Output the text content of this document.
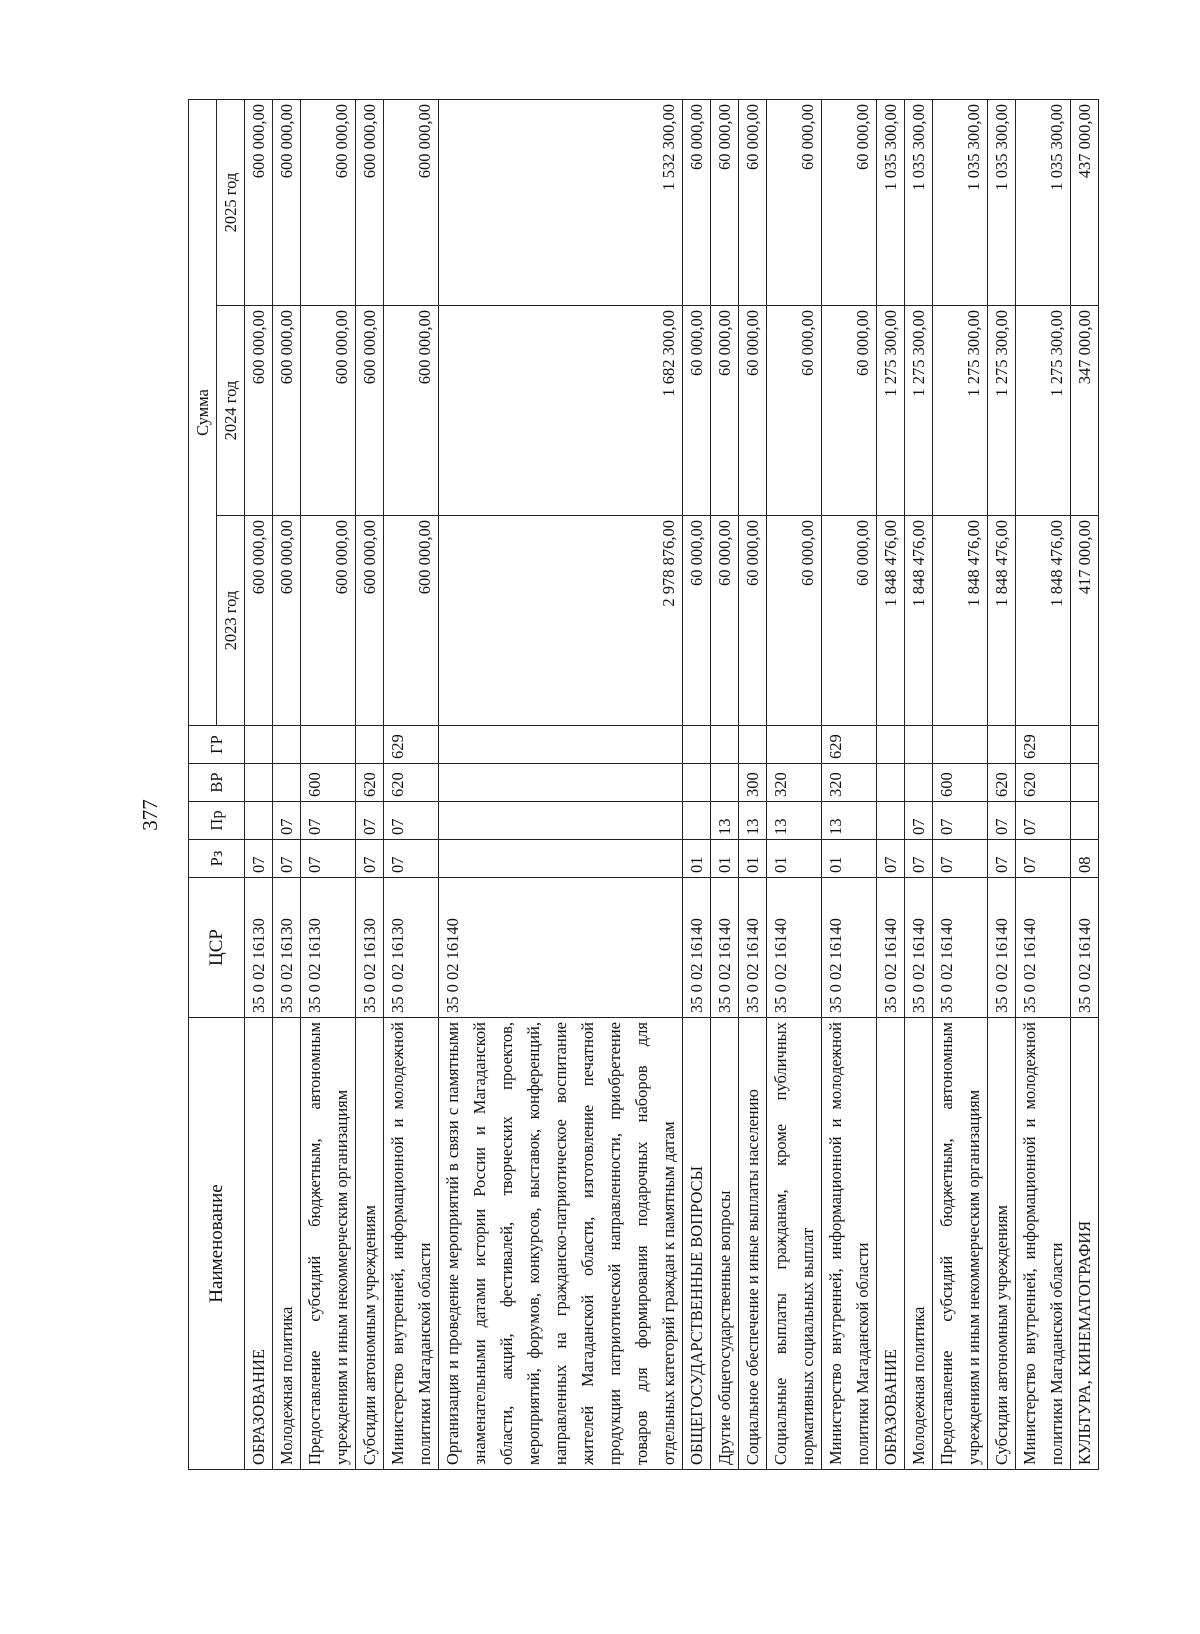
377
Наименование	ЦСР	Рз	Пр	ВР	ГР	Сумма		
						2023 год	2024 год	2025 год
ОБРАЗОВАНИЕ	35 0 02 16130	07				600 000,00	600 000,00	600 000,00
Молодежная политика	35 0 02 16130	07	07			600 000,00	600 000,00	600 000,00
Предоставление субсидий бюджетным, автономным учреждениям и иным некоммерческим организациям	35 0 02 16130	07	07	600		600 000,00	600 000,00	600 000,00
Субсидии автономным учреждениям	35 0 02 16130	07	07	620		600 000,00	600 000,00	600 000,00
Министерство внутренней, информационной и молодежной политики Магаданской области	35 0 02 16130	07	07	620	629	600 000,00	600 000,00	600 000,00
Организация и проведение мероприятий в связи с памятными знаменательными датами истории России и Магаданской области, акций, фестивалей, творческих проектов, мероприятий, форумов, конкурсов, выставок, конференций, направленных на гражданско-патриотическое воспитание жителей Магаданской области, изготовление печатной продукции патриотической направленности, приобретение товаров для формирования подарочных наборов для отдельных категорий граждан к памятным датам	35 0 02 16140					2 978 876,00	1 682 300,00	1 532 300,00
ОБЩЕГОСУДАРСТВЕННЫЕ ВОПРОСЫ	35 0 02 16140	01				60 000,00	60 000,00	60 000,00
Другие общегосударственные вопросы	35 0 02 16140	01	13			60 000,00	60 000,00	60 000,00
Социальное обеспечение и иные выплаты населению	35 0 02 16140	01	13	300		60 000,00	60 000,00	60 000,00
Социальные выплаты гражданам, кроме публичных нормативных социальных выплат	35 0 02 16140	01	13	320		60 000,00	60 000,00	60 000,00
Министерство внутренней, информационной и молодежной политики Магаданской области	35 0 02 16140	01	13	320	629	60 000,00	60 000,00	60 000,00
ОБРАЗОВАНИЕ	35 0 02 16140	07				1 848 476,00	1 275 300,00	1 035 300,00
Молодежная политика	35 0 02 16140	07	07			1 848 476,00	1 275 300,00	1 035 300,00
Предоставление субсидий бюджетным, автономным учреждениям и иным некоммерческим организациям	35 0 02 16140	07	07	600		1 848 476,00	1 275 300,00	1 035 300,00
Субсидии автономным учреждениям	35 0 02 16140	07	07	620		1 848 476,00	1 275 300,00	1 035 300,00
Министерство внутренней, информационной и молодежной политики Магаданской области	35 0 02 16140	07	07	620	629	1 848 476,00	1 275 300,00	1 035 300,00
КУЛЬТУРА, КИНЕМАТОГРАФИЯ	35 0 02 16140	08				417 000,00	347 000,00	437 000,00
